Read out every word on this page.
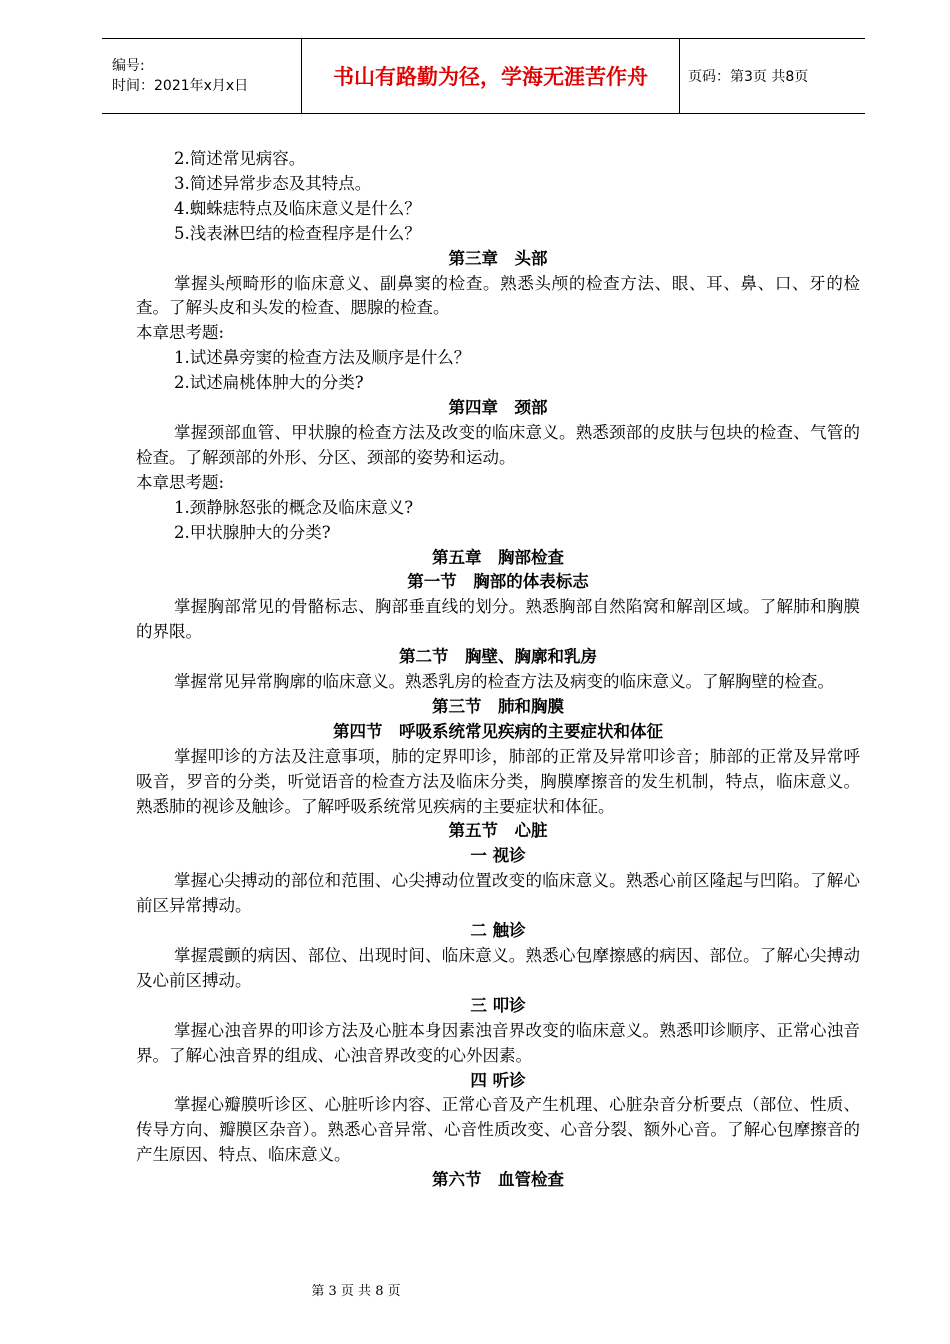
编号:
时间：2021年x月x日	书山有路勤为径，学海无涯苦作舟	页码：第3页 共8页

2.简述常见病容。

3.简述异常步态及其特点。

4.蜘蛛痣特点及临床意义是什么？

5.浅表淋巴结的检查程序是什么？

第三章　头部

掌握头颅畸形的临床意义、副鼻窦的检查。熟悉头颅的检查方法、眼、耳、鼻、口、牙的检查。了解头皮和头发的检查、腮腺的检查。

本章思考题:

1.试述鼻旁窦的检查方法及顺序是什么？

2.试述扁桃体肿大的分类?

第四章　颈部

掌握颈部血管、甲状腺的检查方法及改变的临床意义。熟悉颈部的皮肤与包块的检查、气管的检查。了解颈部的外形、分区、颈部的姿势和运动。

本章思考题:

1.颈静脉怒张的概念及临床意义?

2.甲状腺肿大的分类?

第五章　胸部检查

第一节　胸部的体表标志

掌握胸部常见的骨骼标志、胸部垂直线的划分。熟悉胸部自然陷窝和解剖区域。了解肺和胸膜的界限。

第二节　胸壁、胸廓和乳房

掌握常见异常胸廓的临床意义。熟悉乳房的检查方法及病变的临床意义。了解胸壁的检查。

第三节　肺和胸膜

第四节　呼吸系统常见疾病的主要症状和体征

掌握叩诊的方法及注意事项，肺的定界叩诊，肺部的正常及异常叩诊音；肺部的正常及异常呼吸音，罗音的分类，听觉语音的检查方法及临床分类，胸膜摩擦音的发生机制，特点，临床意义。熟悉肺的视诊及触诊。了解呼吸系统常见疾病的主要症状和体征。

第五节　心脏

一 视诊

掌握心尖搏动的部位和范围、心尖搏动位置改变的临床意义。熟悉心前区隆起与凹陷。了解心前区异常搏动。

二 触诊

掌握震颤的病因、部位、出现时间、临床意义。熟悉心包摩擦感的病因、部位。了解心尖搏动及心前区搏动。

三 叩诊

掌握心浊音界的叩诊方法及心脏本身因素浊音界改变的临床意义。熟悉叩诊顺序、正常心浊音界。了解心浊音界的组成、心浊音界改变的心外因素。

四 听诊

掌握心瓣膜听诊区、心脏听诊内容、正常心音及产生机理、心脏杂音分析要点（部位、性质、传导方向、瓣膜区杂音）。熟悉心音异常、心音性质改变、心音分裂、额外心音。了解心包摩擦音的产生原因、特点、临床意义。

第六节　血管检查

第 3 页 共 8 页
